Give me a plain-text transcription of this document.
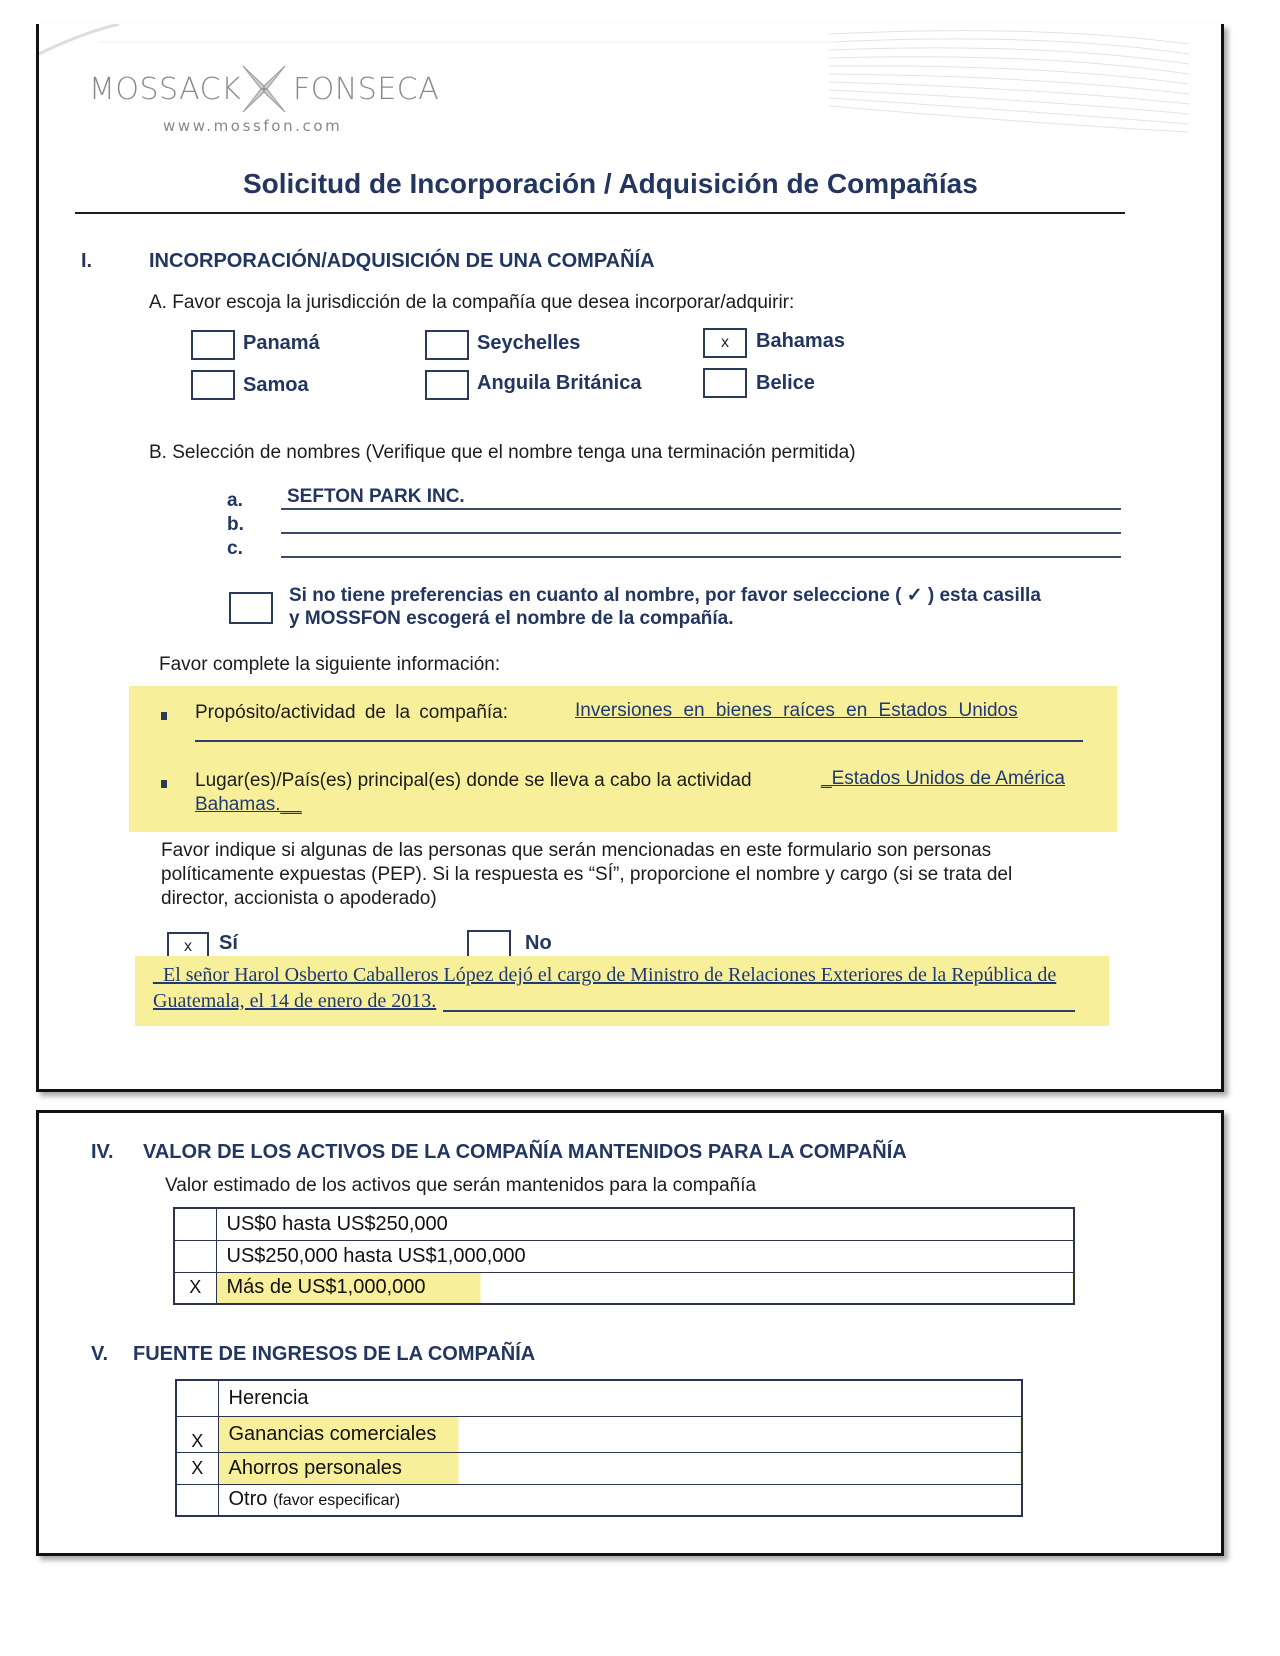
MOSSACK FONSECA
www.mossfon.com
Solicitud de Incorporación / Adquisición de Compañías
I.	INCORPORACIÓN/ADQUISICIÓN DE UNA COMPAÑÍA
A. Favor escoja la jurisdicción de la compañía que desea incorporar/adquirir:
Panamá	Seychelles	x	Bahamas
Samoa	Anguila Británica	Belice
B. Selección de nombres (Verifique que el nombre tenga una terminación permitida)
a. SEFTON PARK INC.
b.
c.
Si no tiene preferencias en cuanto al nombre, por favor seleccione ( ✓ ) esta casilla
y MOSSFON escogerá el nombre de la compañía.
Favor complete la siguiente información:
Propósito/actividad de la compañía:	Inversiones en bienes raíces en Estados Unidos
Lugar(es)/País(es) principal(es) donde se lleva a cabo la actividad	_Estados Unidos de América
Bahamas.__
Favor indique si algunas de las personas que serán mencionadas en este formulario son personas
políticamente expuestas (PEP). Si la respuesta es “SÍ”, proporcione el nombre y cargo (si se trata del
director, accionista o apoderado)
x	Sí	No
_El señor Harol Osberto Caballeros López dejó el cargo de Ministro de Relaciones Exteriores de la República de
Guatemala, el 14 de enero de 2013.
IV. VALOR DE LOS ACTIVOS DE LA COMPAÑÍA MANTENIDOS PARA LA COMPAÑÍA
Valor estimado de los activos que serán mantenidos para la compañía
	US$0 hasta US$250,000
	US$250,000 hasta US$1,000,000
X	Más de US$1,000,000
V. FUENTE DE INGRESOS DE LA COMPAÑÍA
	Herencia
X	Ganancias comerciales
X	Ahorros personales
	Otro (favor especificar)
